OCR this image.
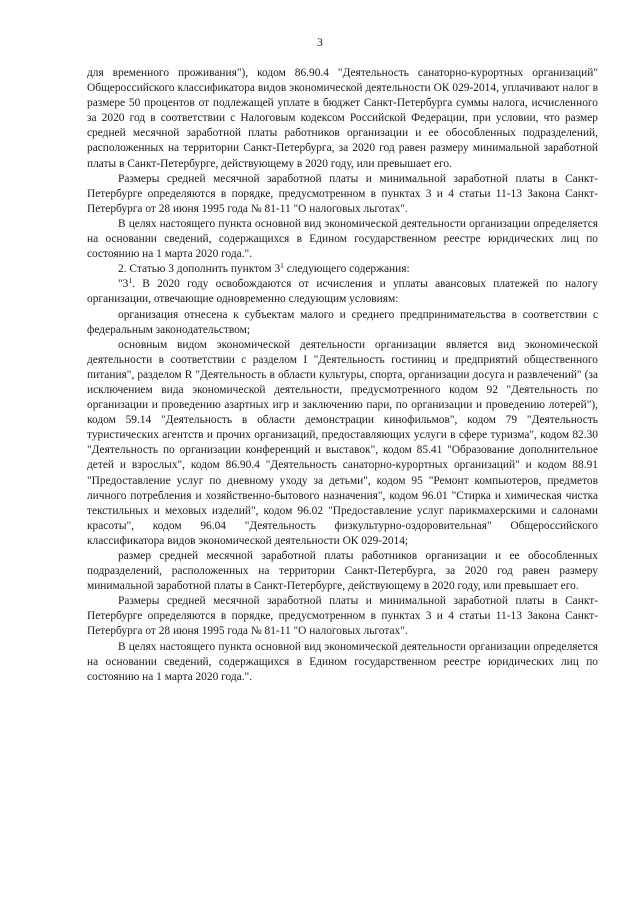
3

для временного проживания"), кодом 86.90.4 "Деятельность санаторно-курортных организаций" Общероссийского классификатора видов экономической деятельности ОК 029-2014, уплачивают налог в размере 50 процентов от подлежащей уплате в бюджет Санкт-Петербурга суммы налога, исчисленного за 2020 год в соответствии с Налоговым кодексом Российской Федерации, при условии, что размер средней месячной заработной платы работников организации и ее обособленных подразделений, расположенных на территории Санкт-Петербурга, за 2020 год равен размеру минимальной заработной платы в Санкт-Петербурге, действующему в 2020 году, или превышает его.

Размеры средней месячной заработной платы и минимальной заработной платы в Санкт-Петербурге определяются в порядке, предусмотренном в пунктах 3 и 4 статьи 11-13 Закона Санкт-Петербурга от 28 июня 1995 года № 81-11 "О налоговых льготах".

В целях настоящего пункта основной вид экономической деятельности организации определяется на основании сведений, содержащихся в Едином государственном реестре юридических лиц по состоянию на 1 марта 2020 года.".

2. Статью 3 дополнить пунктом $3^1$ следующего содержания:

"$3^1$. В 2020 году освобождаются от исчисления и уплаты авансовых платежей по налогу организации, отвечающие одновременно следующим условиям:

организация отнесена к субъектам малого и среднего предпринимательства в соответствии с федеральным законодательством;

основным видом экономической деятельности организации является вид экономической деятельности в соответствии с разделом I "Деятельность гостиниц и предприятий общественного питания", разделом R "Деятельность в области культуры, спорта, организации досуга и развлечений" (за исключением вида экономической деятельности, предусмотренного кодом 92 "Деятельность по организации и проведению азартных игр и заключению пари, по организации и проведению лотерей"), кодом 59.14 "Деятельность в области демонстрации кинофильмов", кодом 79 "Деятельность туристических агентств и прочих организаций, предоставляющих услуги в сфере туризма", кодом 82.30 "Деятельность по организации конференций и выставок", кодом 85.41 "Образование дополнительное детей и взрослых", кодом 86.90.4 "Деятельность санаторно-курортных организаций" и кодом 88.91 "Предоставление услуг по дневному уходу за детьми", кодом 95 "Ремонт компьютеров, предметов личного потребления и хозяйственно-бытового назначения", кодом 96.01 "Стирка и химическая чистка текстильных и меховых изделий", кодом 96.02 "Предоставление услуг парикмахерскими и салонами красоты", кодом 96.04 "Деятельность физкультурно-оздоровительная" Общероссийского классификатора видов экономической деятельности ОК 029-2014;

размер средней месячной заработной платы работников организации и ее обособленных подразделений, расположенных на территории Санкт-Петербурга, за 2020 год равен размеру минимальной заработной платы в Санкт-Петербурге, действующему в 2020 году, или превышает его.

Размеры средней месячной заработной платы и минимальной заработной платы в Санкт-Петербурге определяются в порядке, предусмотренном в пунктах 3 и 4 статьи 11-13 Закона Санкт-Петербурга от 28 июня 1995 года № 81-11 "О налоговых льготах".

В целях настоящего пункта основной вид экономической деятельности организации определяется на основании сведений, содержащихся в Едином государственном реестре юридических лиц по состоянию на 1 марта 2020 года.".
